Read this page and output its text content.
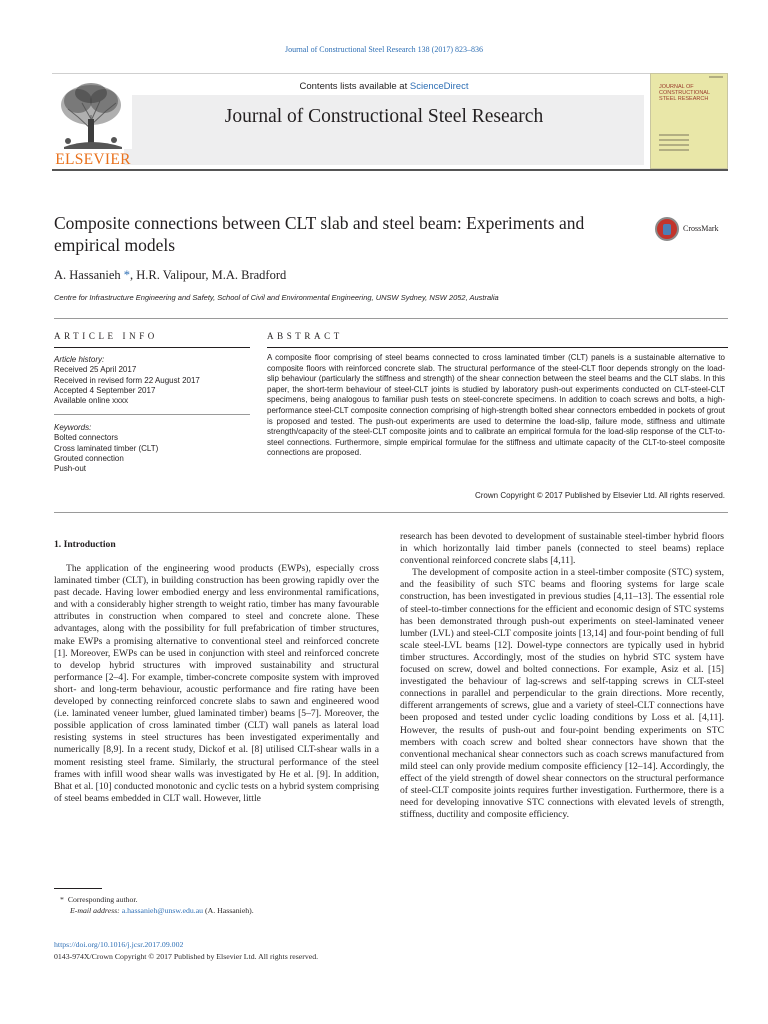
Journal of Constructional Steel Research 138 (2017) 823–836
ELSEVIER
Contents lists available at ScienceDirect
Journal of Constructional Steel Research
JOURNAL OF
CONSTRUCTIONAL
STEEL RESEARCH
Composite connections between CLT slab and steel beam: Experiments and empirical models
CrossMark
A. Hassanieh *, H.R. Valipour, M.A. Bradford
Centre for Infrastructure Engineering and Safety, School of Civil and Environmental Engineering, UNSW Sydney, NSW 2052, Australia
ARTICLE INFO	ABSTRACT
Article history:
Received 25 April 2017
Received in revised form 22 August 2017
Accepted 4 September 2017
Available online xxxx
Keywords:
Bolted connectors
Cross laminated timber (CLT)
Grouted connection
Push-out
A composite floor comprising of steel beams connected to cross laminated timber (CLT) panels is a sustainable alternative to composite floors with reinforced concrete slab. The structural performance of the steel-CLT floor depends strongly on the load-slip behaviour (particularly the stiffness and strength) of the shear connection between the steel beams and the CLT slabs. In this paper, the short-term behaviour of steel-CLT joints is studied by laboratory push-out experiments conducted on CLT-steel-CLT specimens, being analogous to familiar push tests on steel-concrete specimens. In addition to coach screws and bolts, a high-performance steel-CLT composite connection comprising of high-strength bolted shear connectors embedded in pockets of grout is proposed and tested. The push-out experiments are used to determine the load-slip, failure mode, stiffness and ultimate strength/capacity of the steel-CLT composite joints and to calibrate an empirical formula for the load-slip response of the CLT-to-steel connections. Furthermore, simple empirical formulae for the stiffness and ultimate capacity of the CLT-to-steel composite connections are proposed.
Crown Copyright © 2017 Published by Elsevier Ltd. All rights reserved.
1. Introduction

The application of the engineering wood products (EWPs), especially cross laminated timber (CLT), in building construction has been growing rapidly over the past decade. Having lower embodied energy and less environmental ramifications, and with a considerably higher strength to weight ratio, timber has many favourable attributes in construction when compared to steel and concrete alone. These advantages, along with the possibility for full prefabrication of timber structures, make EWPs a promising alternative to conventional steel and reinforced concrete [1]. Moreover, EWPs can be used in conjunction with steel and reinforced concrete to develop hybrid structures with improved sustainability and structural performance [2–4]. For example, timber-concrete composite system with improved short- and long-term behaviour, acoustic performance and fire rating have been developed by connecting reinforced concrete slabs to sawn and engineered wood (i.e. laminated veneer lumber, glued laminated timber) beams [5–7]. Moreover, the possible application of cross laminated timber (CLT) wall panels as lateral load resisting systems in steel structures has been investigated experimentally and numerically [8,9]. In a recent study, Dickof et al. [8] utilised CLT-shear walls in a moment resisting steel frame. Similarly, the structural performance of the steel frames with infill wood shear walls was investigated by He et al. [9]. In addition, Bhat et al. [10] conducted monotonic and cyclic tests on a hybrid system comprising of steel beams embedded in CLT wall. However, little

research has been devoted to development of sustainable steel-timber hybrid floors in which horizontally laid timber panels (connected to steel beams) replace conventional reinforced concrete slabs [4,11].

The development of composite action in a steel-timber composite (STC) system, and the feasibility of such STC beams and flooring systems for large scale construction, has been investigated in previous studies [4,11–13]. The essential role of steel-to-timber connections for the efficient and economic design of STC systems has been demonstrated through push-out experiments on steel-laminated veneer lumber (LVL) and steel-CLT composite joints [13,14] and four-point bending of full scale steel-LVL beams [12]. Dowel-type connectors are typically used in hybrid timber structures. Accordingly, most of the studies on hybrid STC system have focused on screw, dowel and bolted connections. For example, Asiz et al. [15] investigated the behaviour of lag-screws and self-tapping screws in CLT-steel connections in parallel and perpendicular to the grain directions. More recently, different arrangements of screws, glue and a variety of steel-CLT connections have been proposed and tested under cyclic loading conditions by Loss et al. [4,11]. However, the results of push-out and four-point bending experiments on STC members with coach screw and bolted shear connectors have shown that the conventional mechanical shear connectors such as coach screws manufactured from mild steel can only provide medium composite efficiency [12–14]. Accordingly, the effect of the yield strength of dowel shear connectors on the structural performance of steel-CLT composite joints requires further investigation. Furthermore, there is a need for developing innovative STC connections with elevated levels of strength, stiffness, ductility and composite efficiency.

* Corresponding author.
E-mail address: a.hassanieh@unsw.edu.au (A. Hassanieh).
https://doi.org/10.1016/j.jcsr.2017.09.002
0143-974X/Crown Copyright © 2017 Published by Elsevier Ltd. All rights reserved.
